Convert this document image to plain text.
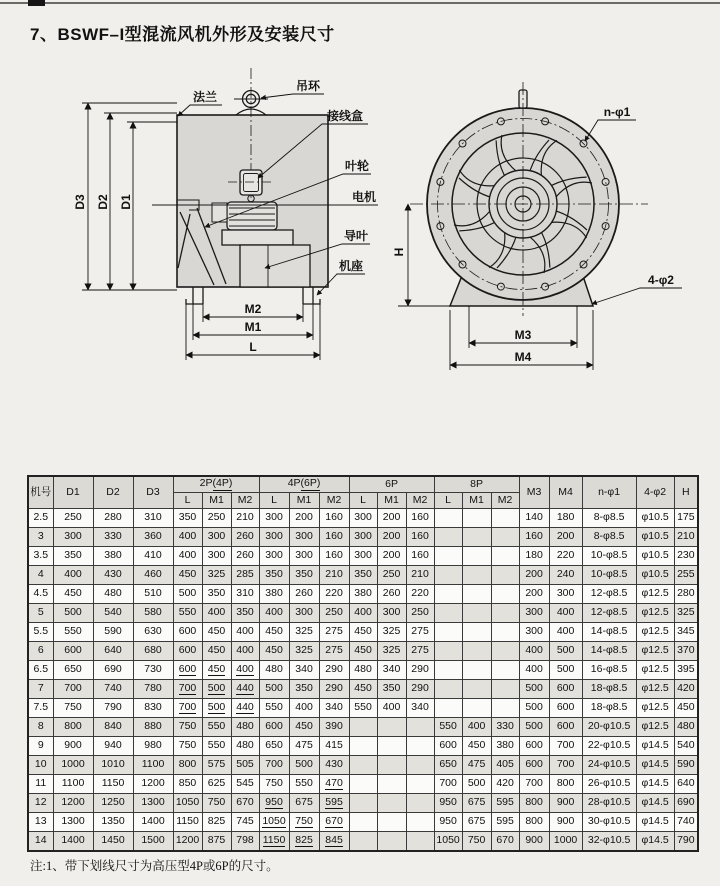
7、BSWF–I型混流风机外形及安装尺寸
D3 D2 D1
M2
M1
L
法兰
吊环
接线盒
叶轮
电机
导叶
机座
H
M3
M4
n-φ1
4-φ2
机号	D1	D2	D3	2P(4P)			4P(6P)			6P			8P			M3	M4	n-φ1	4-φ2	H
				L	M1	M2	L	M1	M2	L	M1	M2	L	M1	M2					
2.5	250	280	310	350	250	210	300	200	160	300	200	160				140	180	8-φ8.5	φ10.5	175
3	300	330	360	400	300	260	300	300	160	300	200	160				160	200	8-φ8.5	φ10.5	210
3.5	350	380	410	400	300	260	300	300	160	300	200	160				180	220	10-φ8.5	φ10.5	230
4	400	430	460	450	325	285	350	350	210	350	250	210				200	240	10-φ8.5	φ10.5	255
4.5	450	480	510	500	350	310	380	260	220	380	260	220				200	300	12-φ8.5	φ12.5	280
5	500	540	580	550	400	350	400	300	250	400	300	250				300	400	12-φ8.5	φ12.5	325
5.5	550	590	630	600	450	400	450	325	275	450	325	275				300	400	14-φ8.5	φ12.5	345
6	600	640	680	600	450	400	450	325	275	450	325	275				400	500	14-φ8.5	φ12.5	370
6.5	650	690	730	600	450	400	480	340	290	480	340	290				400	500	16-φ8.5	φ12.5	395
7	700	740	780	700	500	440	500	350	290	450	350	290				500	600	18-φ8.5	φ12.5	420
7.5	750	790	830	700	500	440	550	400	340	550	400	340				500	600	18-φ8.5	φ12.5	450
8	800	840	880	750	550	480	600	450	390				550	400	330	500	600	20-φ10.5	φ12.5	480
9	900	940	980	750	550	480	650	475	415				600	450	380	600	700	22-φ10.5	φ14.5	540
10	1000	1010	1100	800	575	505	700	500	430				650	475	405	600	700	24-φ10.5	φ14.5	590
11	1100	1150	1200	850	625	545	750	550	470				700	500	420	700	800	26-φ10.5	φ14.5	640
12	1200	1250	1300	1050	750	670	950	675	595				950	675	595	800	900	28-φ10.5	φ14.5	690
13	1300	1350	1400	1150	825	745	1050	750	670				950	675	595	800	900	30-φ10.5	φ14.5	740
14	1400	1450	1500	1200	875	798	1150	825	845				1050	750	670	900	1000	32-φ10.5	φ14.5	790
注:1、带下划线尺寸为高压型4P或6P的尺寸。
